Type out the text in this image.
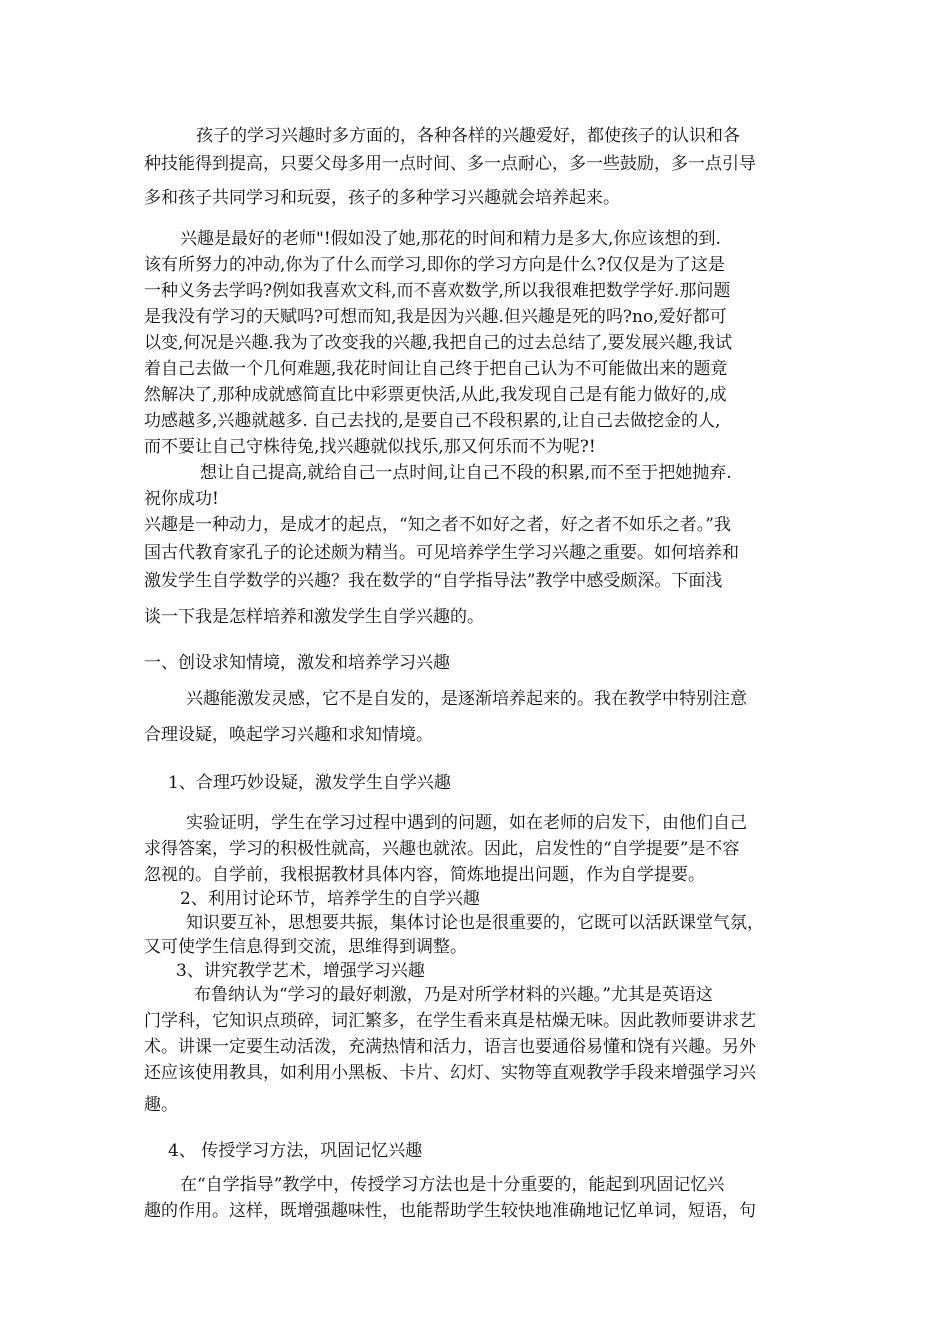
孩子的学习兴趣时多方面的，各种各样的兴趣爱好，都使孩子的认识和各

种技能得到提高，只要父母多用一点时间、多一点耐心，多一些鼓励，多一点引导

多和孩子共同学习和玩耍，孩子的多种学习兴趣就会培养起来。

兴趣是最好的老师"!假如没了她,那花的时间和精力是多大,你应该想的到.

该有所努力的冲动,你为了什么而学习,即你的学习方向是什么?仅仅是为了这是

一种义务去学吗?例如我喜欢文科,而不喜欢数学,所以我很难把数学学好.那问题

是我没有学习的天赋吗?可想而知,我是因为兴趣.但兴趣是死的吗?no,爱好都可

以变,何况是兴趣.我为了改变我的兴趣,我把自己的过去总结了,要发展兴趣,我试

着自己去做一个几何难题,我花时间让自己终于把自己认为不可能做出来的题竟

然解决了,那种成就感简直比中彩票更快活,从此,我发现自己是有能力做好的,成

功感越多,兴趣就越多. 自己去找的,是要自己不段积累的,让自己去做挖金的人,

而不要让自己守株待兔,找兴趣就似找乐,那又何乐而不为呢?!

想让自己提高,就给自己一点时间,让自己不段的积累,而不至于把她抛弃.

祝你成功!

兴趣是一种动力，是成才的起点，“知之者不如好之者，好之者不如乐之者。”我

国古代教育家孔子的论述颇为精当。可见培养学生学习兴趣之重要。如何培养和

激发学生自学数学的兴趣？我在数学的“自学指导法”教学中感受颇深。下面浅

谈一下我是怎样培养和激发学生自学兴趣的。

一、创设求知情境，激发和培养学习兴趣

兴趣能激发灵感，它不是自发的，是逐渐培养起来的。我在教学中特别注意

合理设疑，唤起学习兴趣和求知情境。

1、合理巧妙设疑，激发学生自学兴趣

实验证明，学生在学习过程中遇到的问题，如在老师的启发下，由他们自己

求得答案，学习的积极性就高，兴趣也就浓。因此，启发性的“自学提要”是不容

忽视的。自学前，我根据教材具体内容，简炼地提出问题，作为自学提要。

2、利用讨论环节，培养学生的自学兴趣

知识要互补，思想要共振，集体讨论也是很重要的，它既可以活跃课堂气氛，

又可使学生信息得到交流，思维得到调整。

3、讲究教学艺术，增强学习兴趣

布鲁纳认为“学习的最好刺激，乃是对所学材料的兴趣。”尤其是英语这

门学科，它知识点琐碎，词汇繁多，在学生看来真是枯燥无味。因此教师要讲求艺

术。讲课一定要生动活泼，充满热情和活力，语言也要通俗易懂和饶有兴趣。另外

还应该使用教具，如利用小黑板、卡片、幻灯、实物等直观教学手段来增强学习兴

趣。

4、 传授学习方法，巩固记忆兴趣

在“自学指导”教学中，传授学习方法也是十分重要的，能起到巩固记忆兴

趣的作用。这样，既增强趣味性，也能帮助学生较快地准确地记忆单词，短语，句
